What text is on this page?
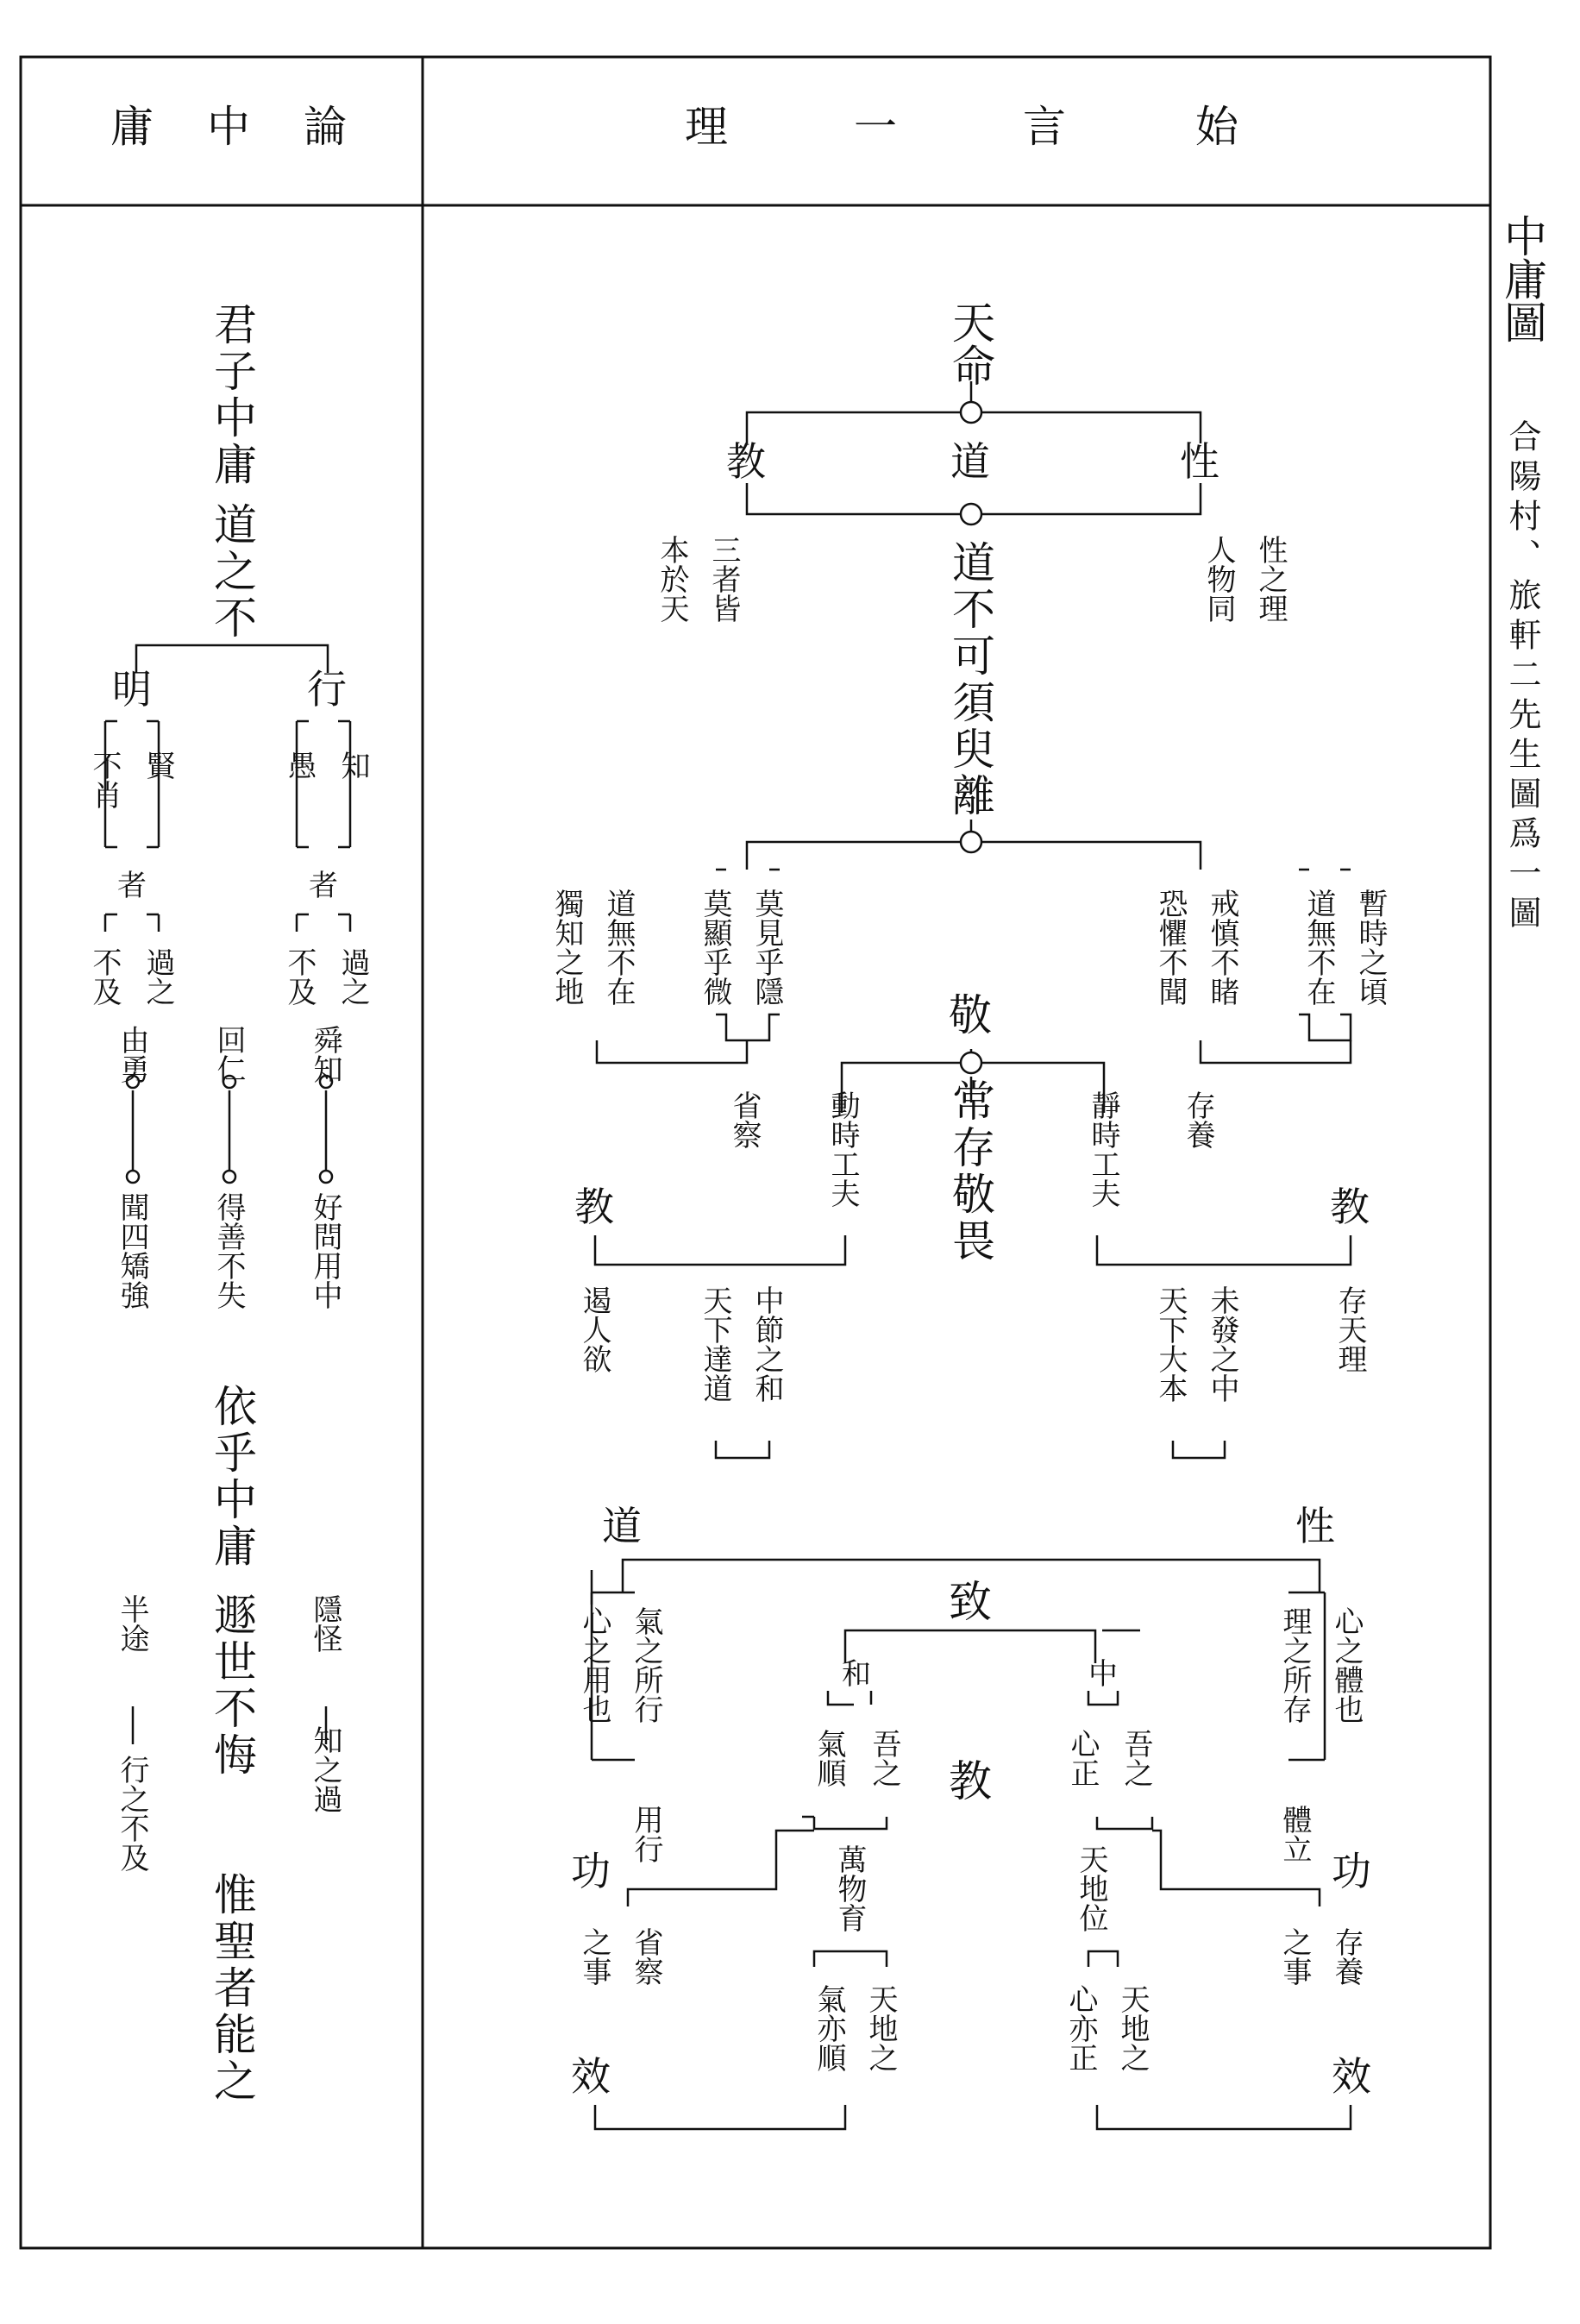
庸 中 論	理	一	言	始
中庸圖
合陽村、旅軒二先生圖爲一圖
君子中庸
道之不
明	行
賢
不肖	知
愚
者	者
過之
不及	過之
不及
由勇
聞四矯強
回仁
得善不失
舜知
好問用中
依乎中庸
遯世不悔
惟聖者能之
半途
行之不及
隱怪
知之過
天命
教	道	性
三者皆
本於天	性之理
人物同
道不可須臾離
獨知之地 道無不在 莫顯乎微 莫見乎隱	恐懼不聞 戒慎不睹 道無不在 暫時之頃
敬
常存敬畏
省察	存養
動時工夫	靜時工夫
教	教
遏人欲	天下達道 中節之和	天下大本 未發之中	存天理
道	性
致
氣之所行
心之用也	理之所存 心之體也
和	中
吾之
氣順	吾之
心正
教
用行	體立
功	功
萬物育	天地位
省察
之事	存養
之事
天地之
氣亦順	天地之
心亦正
效	效
